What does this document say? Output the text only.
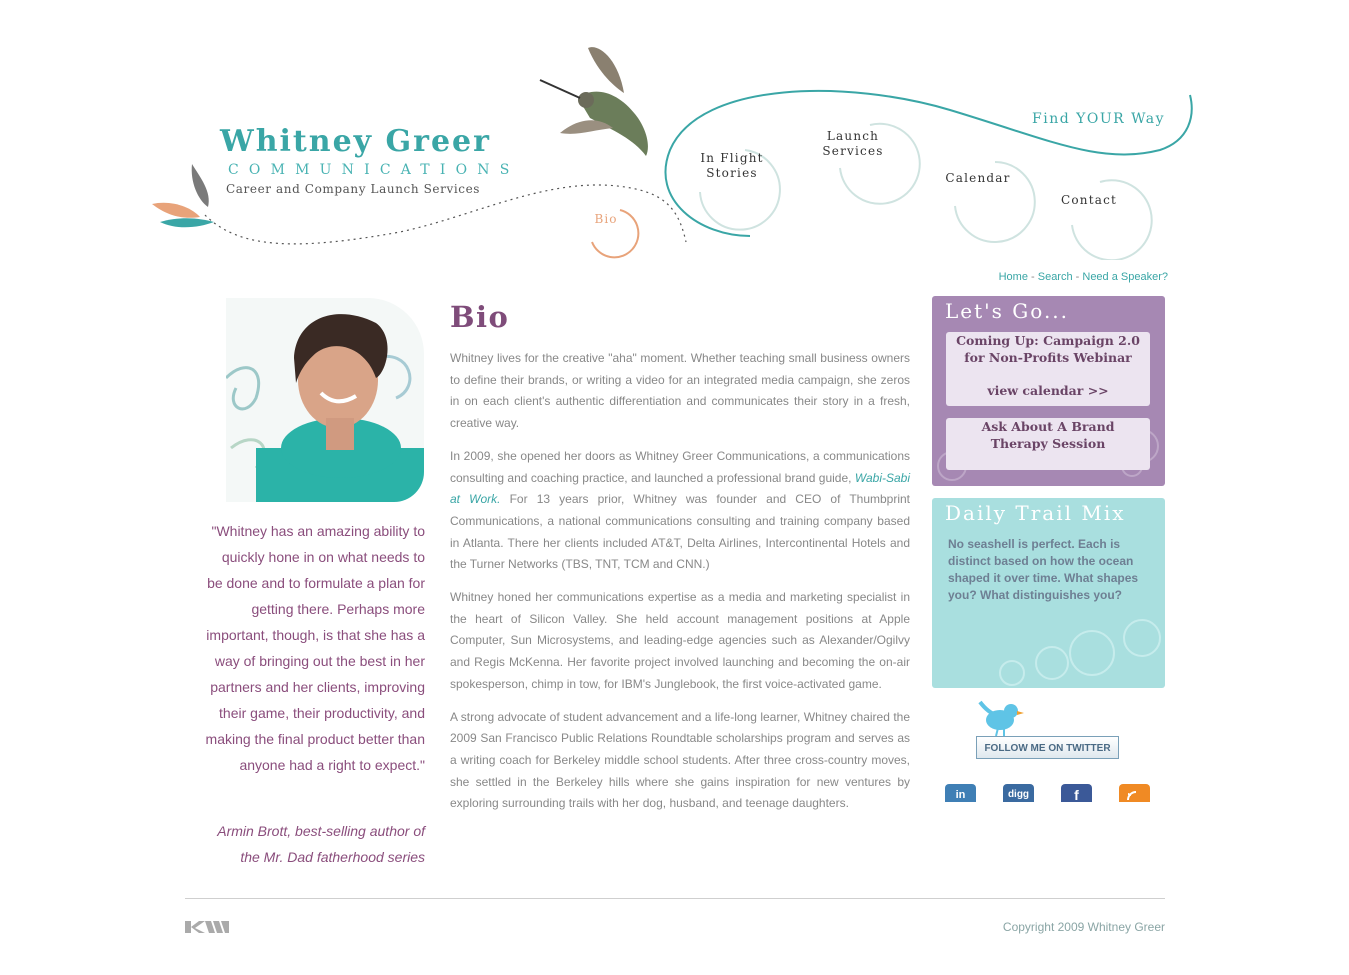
Whitney Greer
COMMUNICATIONS
Career and Company Launch Services
Find YOUR Way
Bio
In Flight
Stories
Launch
Services
Calendar
Contact
Home - Search - Need a Speaker?
"Whitney has an amazing ability to quickly hone in on what needs to be done and to formulate a plan for getting there. Perhaps more important, though, is that she has a way of bringing out the best in her partners and her clients, improving their game, their productivity, and making the final product better than anyone had a right to expect."
Armin Brott, best-selling author of the Mr. Dad fatherhood series
Bio

Whitney lives for the creative "aha" moment. Whether teaching small business owners to define their brands, or writing a video for an integrated media campaign, she zeros in on each client's authentic differentiation and communicates their story in a fresh, creative way.

In 2009, she opened her doors as Whitney Greer Communications, a communications consulting and coaching practice, and launched a professional brand guide, Wabi-Sabi at Work. For 13 years prior, Whitney was founder and CEO of Thumbprint Communications, a national communications consulting and training company based in Atlanta. There her clients included AT&T, Delta Airlines, Intercontinental Hotels and the Turner Networks (TBS, TNT, TCM and CNN.)

Whitney honed her communications expertise as a media and marketing specialist in the heart of Silicon Valley. She held account management positions at Apple Computer, Sun Microsystems, and leading-edge agencies such as Alexander/Ogilvy and Regis McKenna. Her favorite project involved launching and becoming the on-air spokesperson, chimp in tow, for IBM's Junglebook, the first voice-activated game.

A strong advocate of student advancement and a life-long learner, Whitney chaired the 2009 San Francisco Public Relations Roundtable scholarships program and serves as a writing coach for Berkeley middle school students. After three cross-country moves, she settled in the Berkeley hills where she gains inspiration for new ventures by exploring surrounding trails with her dog, husband, and teenage daughters.

Let's Go...
Coming Up: Campaign 2.0 for Non-Profits Webinar
view calendar >>
Ask About A Brand Therapy Session
Daily Trail Mix
No seashell is perfect. Each is distinct based on how the ocean shaped it over time. What shapes you? What distinguishes you?
FOLLOW ME ON TWITTER
in	digg	f
Copyright 2009 Whitney Greer
